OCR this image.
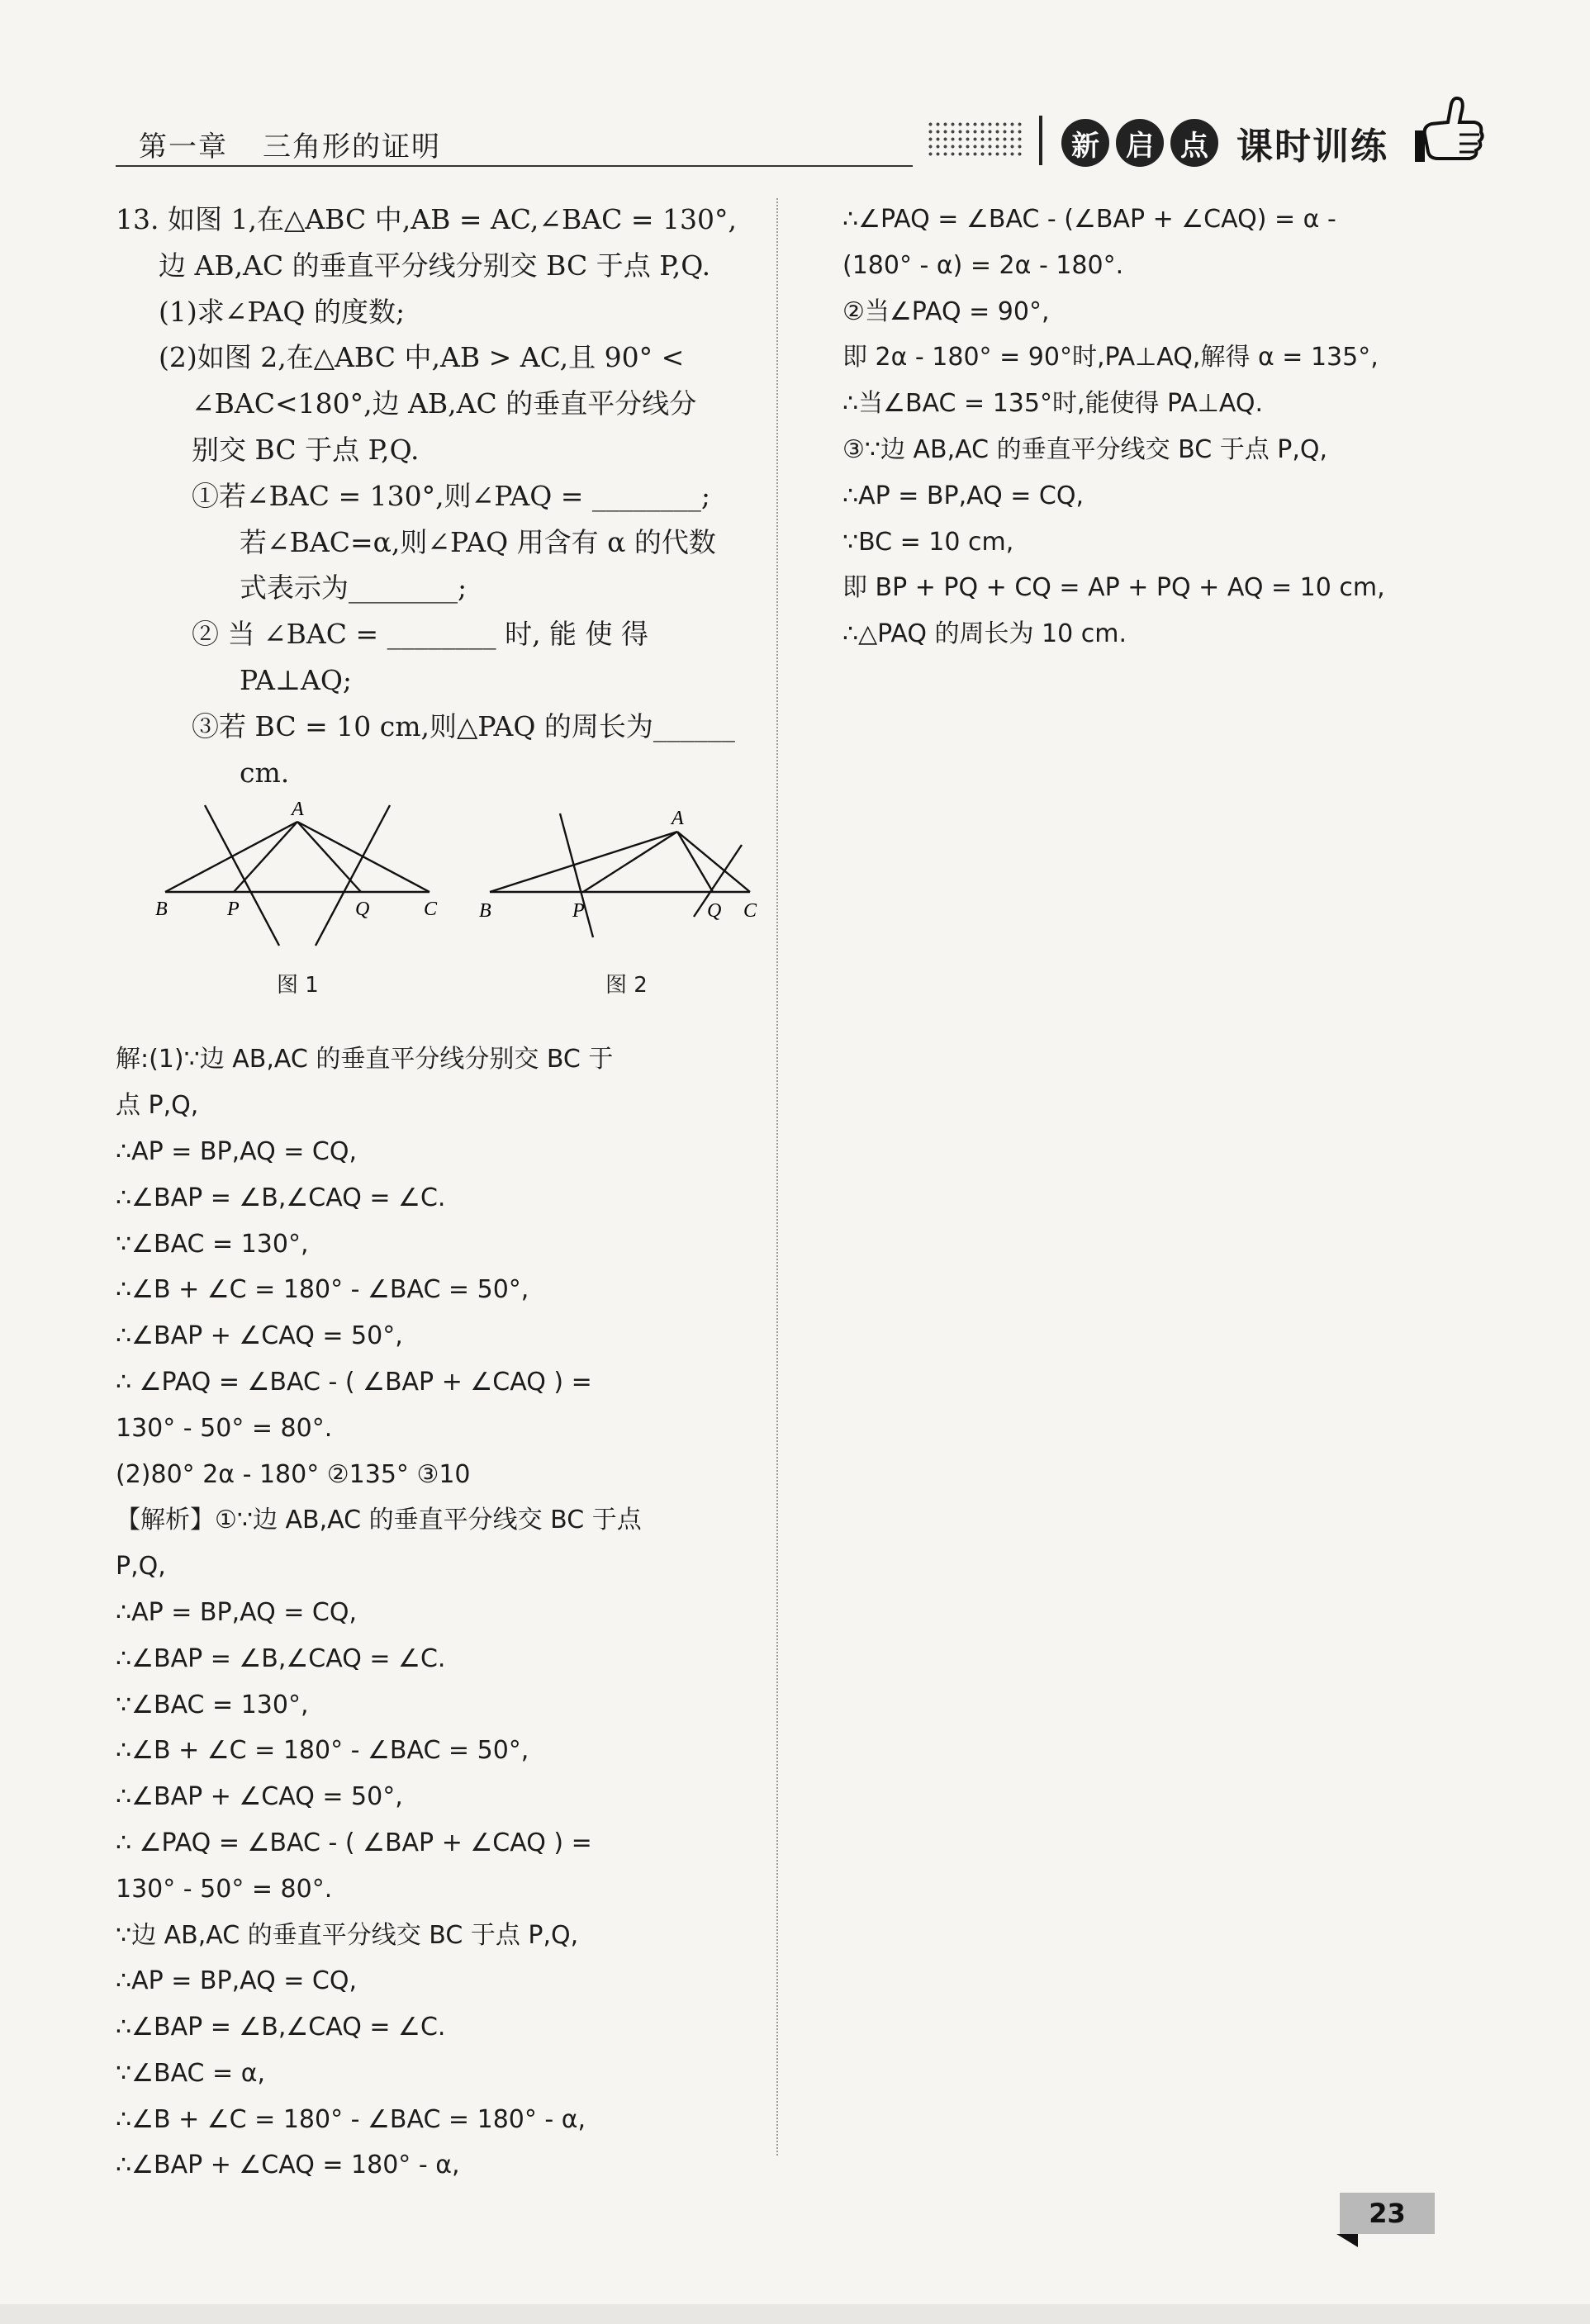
第一章 三角形的证明	新 启 点 课时训练
13. 如图 1,在△ABC 中,AB = AC,∠BAC = 130°,
边 AB,AC 的垂直平分线分别交 BC 于点 P,Q.
(1)求∠PAQ 的度数;
(2)如图 2,在△ABC 中,AB > AC,且 90° <
∠BAC<180°,边 AB,AC 的垂直平分线分
别交 BC 于点 P,Q.
①若∠BAC = 130°,则∠PAQ = ________;
若∠BAC=α,则∠PAQ 用含有 α 的代数
式表示为________;
② 当 ∠BAC = ________ 时, 能 使 得
PA⊥AQ;
③若 BC = 10 cm,则△PAQ 的周长为______
cm.
解:(1)∵边 AB,AC 的垂直平分线分别交 BC 于
点 P,Q,
∴AP = BP,AQ = CQ,
∴∠BAP = ∠B,∠CAQ = ∠C.
∵∠BAC = 130°,
∴∠B + ∠C = 180° - ∠BAC = 50°,
∴∠BAP + ∠CAQ = 50°,
∴ ∠PAQ = ∠BAC - ( ∠BAP + ∠CAQ ) =
130° - 50° = 80°.
(2)80° 2α - 180° ②135° ③10
【解析】①∵边 AB,AC 的垂直平分线交 BC 于点
P,Q,
∴AP = BP,AQ = CQ,
∴∠BAP = ∠B,∠CAQ = ∠C.
∵∠BAC = 130°,
∴∠B + ∠C = 180° - ∠BAC = 50°,
∴∠BAP + ∠CAQ = 50°,
∴ ∠PAQ = ∠BAC - ( ∠BAP + ∠CAQ ) =
130° - 50° = 80°.
∵边 AB,AC 的垂直平分线交 BC 于点 P,Q,
∴AP = BP,AQ = CQ,
∴∠BAP = ∠B,∠CAQ = ∠C.
∵∠BAC = α,
∴∠B + ∠C = 180° - ∠BAC = 180° - α,
∴∠BAP + ∠CAQ = 180° - α,
A
B	P	Q	C
图 1
A
B	P	Q C
图 2
∴∠PAQ = ∠BAC - (∠BAP + ∠CAQ) = α -
(180° - α) = 2α - 180°.
②当∠PAQ = 90°,
即 2α - 180° = 90°时,PA⊥AQ,解得 α = 135°,
∴当∠BAC = 135°时,能使得 PA⊥AQ.
③∵边 AB,AC 的垂直平分线交 BC 于点 P,Q,
∴AP = BP,AQ = CQ,
∵BC = 10 cm,
即 BP + PQ + CQ = AP + PQ + AQ = 10 cm,
∴△PAQ 的周长为 10 cm.
23
